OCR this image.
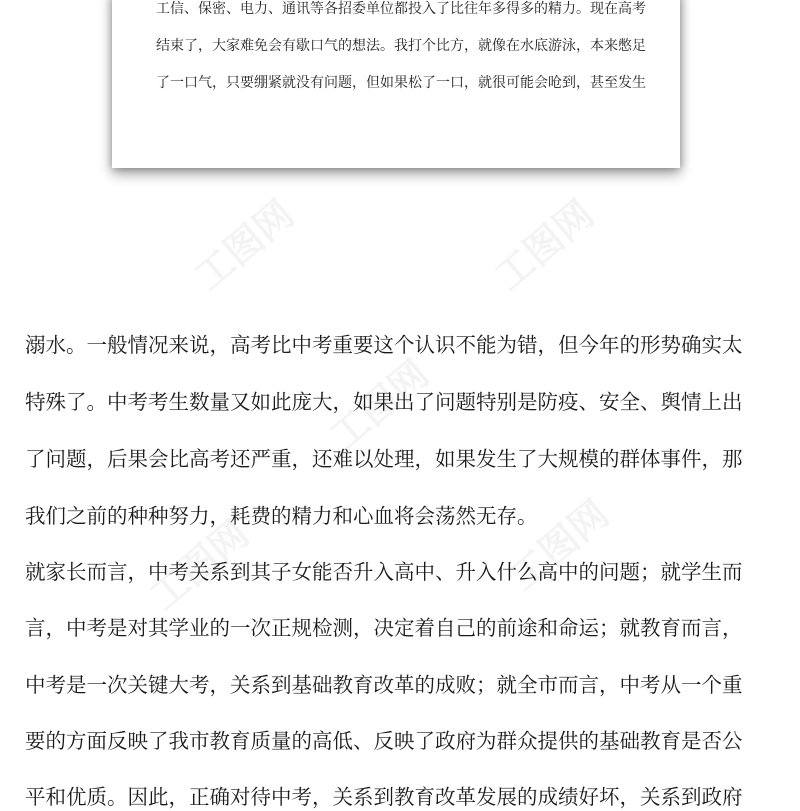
工图网	工图网
工图网
工图网	工图网
工信、保密、电力、通讯等各招委单位都投入了比往年多得多的精力。现在高考
结束了，大家难免会有歇口气的想法。我打个比方，就像在水底游泳，本来憋足
了一口气，只要绷紧就没有问题，但如果松了一口，就很可能会呛到，甚至发生
溺水。一般情况来说，高考比中考重要这个认识不能为错，但今年的形势确实太
特殊了。中考考生数量又如此庞大，如果出了问题特别是防疫、安全、舆情上出
了问题，后果会比高考还严重，还难以处理，如果发生了大规模的群体事件，那
我们之前的种种努力，耗费的精力和心血将会荡然无存。
就家长而言，中考关系到其子女能否升入高中、升入什么高中的问题；就学生而
言，中考是对其学业的一次正规检测，决定着自己的前途和命运；就教育而言，
中考是一次关键大考，关系到基础教育改革的成败；就全市而言，中考从一个重
要的方面反映了我市教育质量的高低、反映了政府为群众提供的基础教育是否公
平和优质。因此，正确对待中考，关系到教育改革发展的成绩好坏，关系到政府
